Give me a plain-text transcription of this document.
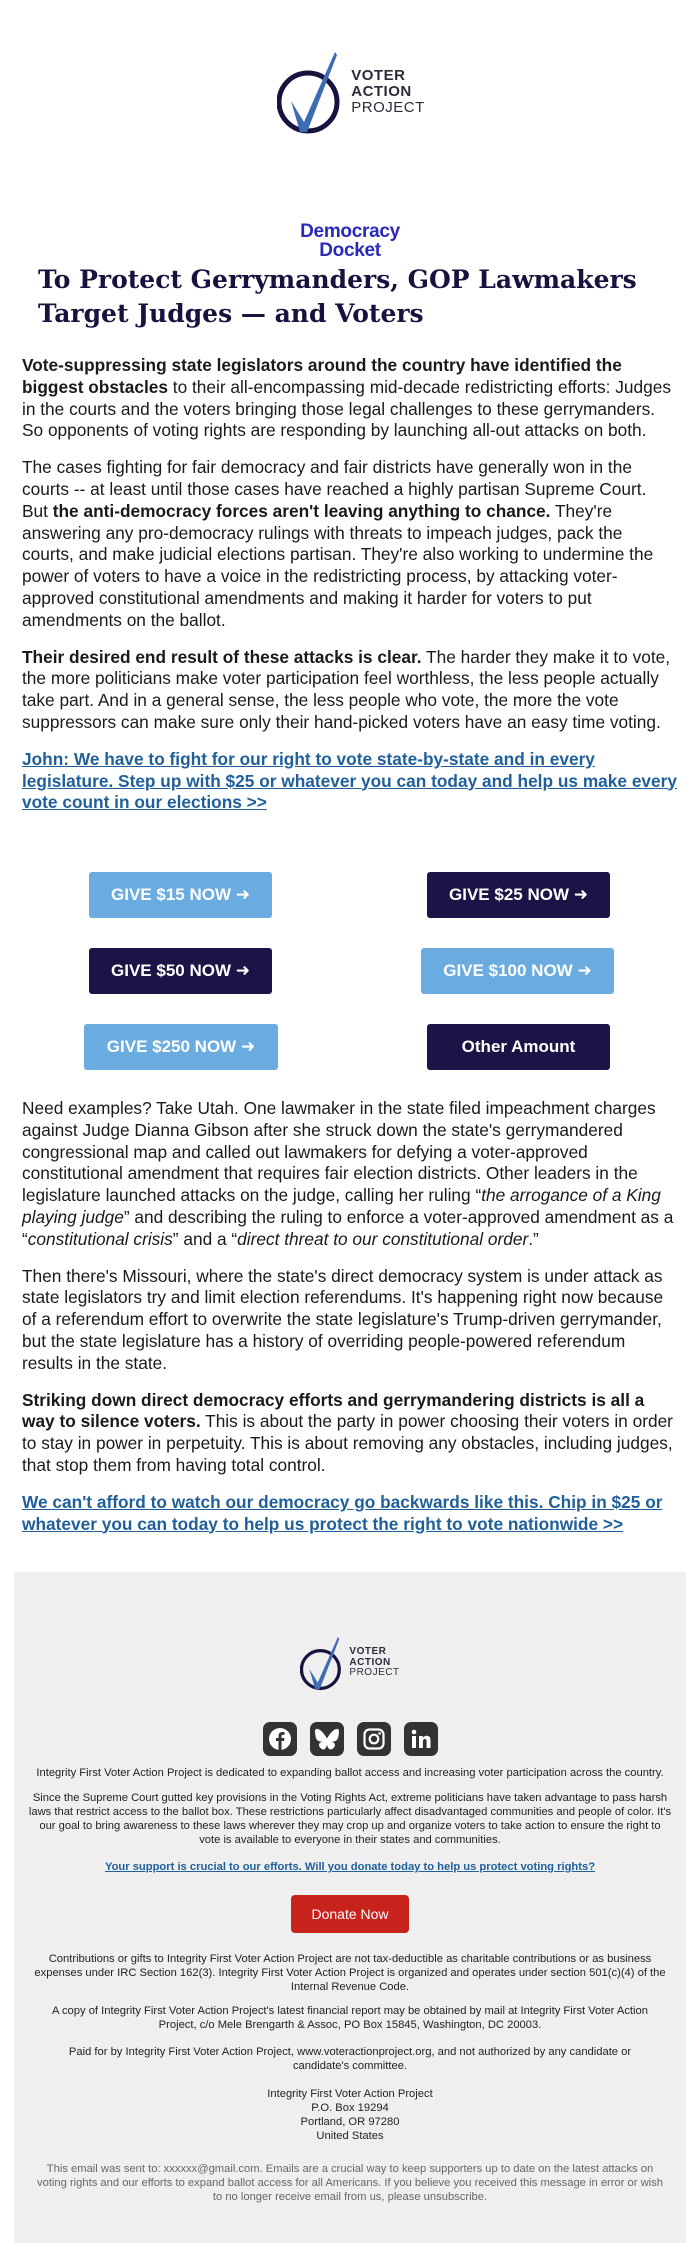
VOTER
ACTION
PROJECT
Democracy
Docket
To Protect Gerrymanders, GOP Lawmakers Target Judges — and Voters

Vote-suppressing state legislators around the country have identified the biggest obstacles to their all-encompassing mid-decade redistricting efforts: Judges in the courts and the voters bringing those legal challenges to these gerrymanders. So opponents of voting rights are responding by launching all-out attacks on both.

The cases fighting for fair democracy and fair districts have generally won in the courts -- at least until those cases have reached a highly partisan Supreme Court. But the anti-democracy forces aren't leaving anything to chance. They're answering any pro-democracy rulings with threats to impeach judges, pack the courts, and make judicial elections partisan. They're also working to undermine the power of voters to have a voice in the redistricting process, by attacking voter-approved constitutional amendments and making it harder for voters to put amendments on the ballot.

Their desired end result of these attacks is clear. The harder they make it to vote, the more politicians make voter participation feel worthless, the less people actually take part. And in a general sense, the less people who vote, the more the vote suppressors can make sure only their hand-picked voters have an easy time voting.

John: We have to fight for our right to vote state-by-state and in every legislature. Step up with $25 or whatever you can today and help us make every vote count in our elections >>

GIVE $15 NOW ➜	GIVE $25 NOW ➜
GIVE $50 NOW ➜	GIVE $100 NOW ➜
GIVE $250 NOW ➜	Other Amount

Need examples? Take Utah. One lawmaker in the state filed impeachment charges against Judge Dianna Gibson after she struck down the state's gerrymandered congressional map and called out lawmakers for defying a voter-approved constitutional amendment that requires fair election districts. Other leaders in the legislature launched attacks on the judge, calling her ruling “the arrogance of a King playing judge” and describing the ruling to enforce a voter-approved amendment as a “constitutional crisis” and a “direct threat to our constitutional order.”

Then there's Missouri, where the state's direct democracy system is under attack as state legislators try and limit election referendums. It's happening right now because of a referendum effort to overwrite the state legislature's Trump-driven gerrymander, but the state legislature has a history of overriding people-powered referendum results in the state.

Striking down direct democracy efforts and gerrymandering districts is all a way to silence voters. This is about the party in power choosing their voters in order to stay in power in perpetuity. This is about removing any obstacles, including judges, that stop them from having total control.

We can't afford to watch our democracy go backwards like this. Chip in $25 or whatever you can today to help us protect the right to vote nationwide >>

VOTER
ACTION
PROJECT
Integrity First Voter Action Project is dedicated to expanding ballot access and increasing voter participation across the country.
Since the Supreme Court gutted key provisions in the Voting Rights Act, extreme politicians have taken advantage to pass harsh laws that restrict access to the ballot box. These restrictions particularly affect disadvantaged communities and people of color. It's our goal to bring awareness to these laws wherever they may crop up and organize voters to take action to ensure the right to vote is available to everyone in their states and communities.
Your support is crucial to our efforts. Will you donate today to help us protect voting rights?
Donate Now
Contributions or gifts to Integrity First Voter Action Project are not tax-deductible as charitable contributions or as business expenses under IRC Section 162(3). Integrity First Voter Action Project is organized and operates under section 501(c)(4) of the Internal Revenue Code.
A copy of Integrity First Voter Action Project's latest financial report may be obtained by mail at Integrity First Voter Action Project, c/o Mele Brengarth & Assoc, PO Box 15845, Washington, DC 20003.
Paid for by Integrity First Voter Action Project, www.voteractionproject.org, and not authorized by any candidate or candidate's committee.
Integrity First Voter Action Project
P.O. Box 19294
Portland, OR 97280
United States
This email was sent to: xxxxxx@gmail.com. Emails are a crucial way to keep supporters up to date on the latest attacks on voting rights and our efforts to expand ballot access for all Americans. If you believe you received this message in error or wish to no longer receive email from us, please unsubscribe.
